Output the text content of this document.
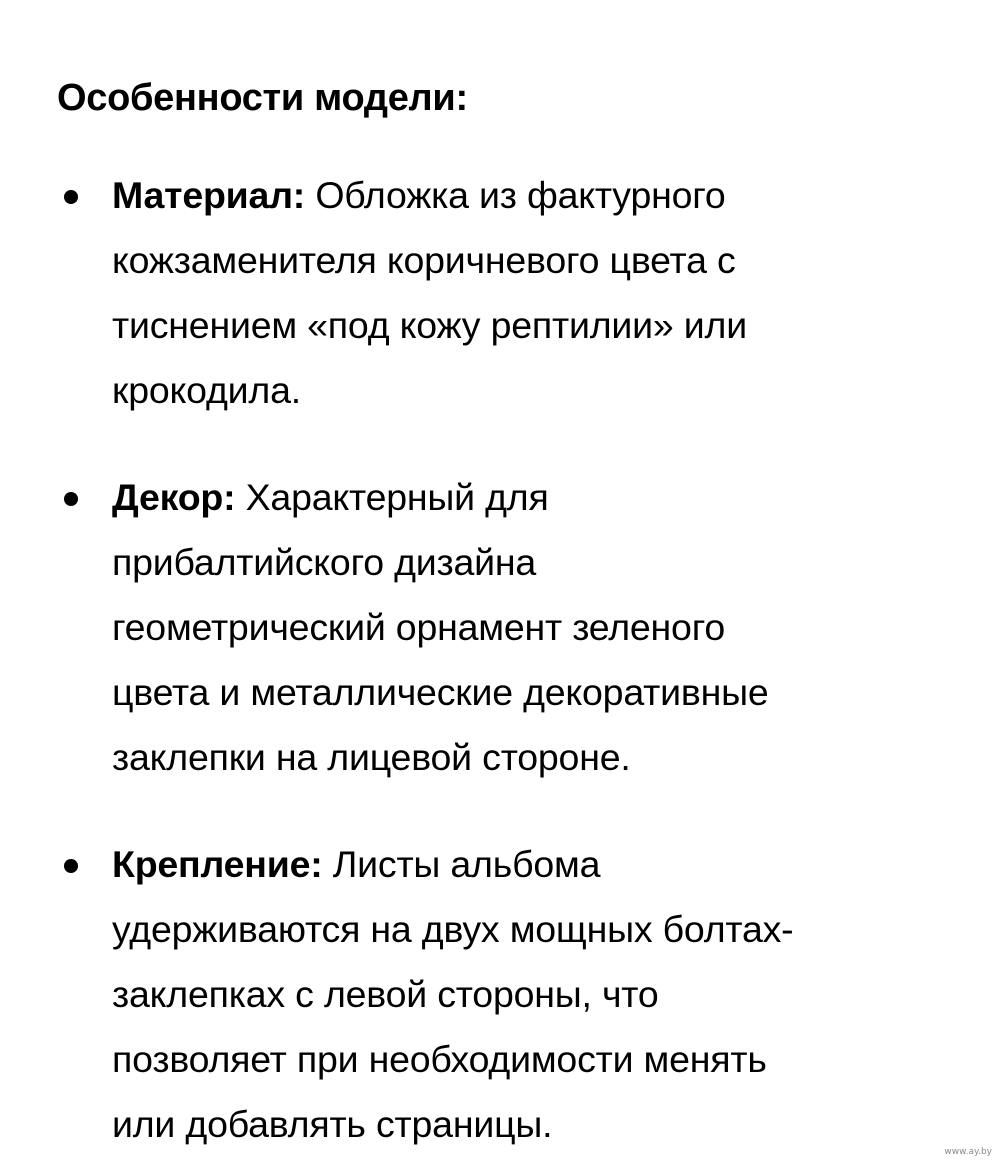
Особенности модели:
Материал: Обложка из фактурного
кожзаменителя коричневого цвета с
тиснением «под кожу рептилии» или
крокодила.
Декор: Характерный для
прибалтийского дизайна
геометрический орнамент зеленого
цвета и металлические декоративные
заклепки на лицевой стороне.
Крепление: Листы альбома
удерживаются на двух мощных болтах-
заклепках с левой стороны, что
позволяет при необходимости менять
или добавлять страницы.
www.ay.by
